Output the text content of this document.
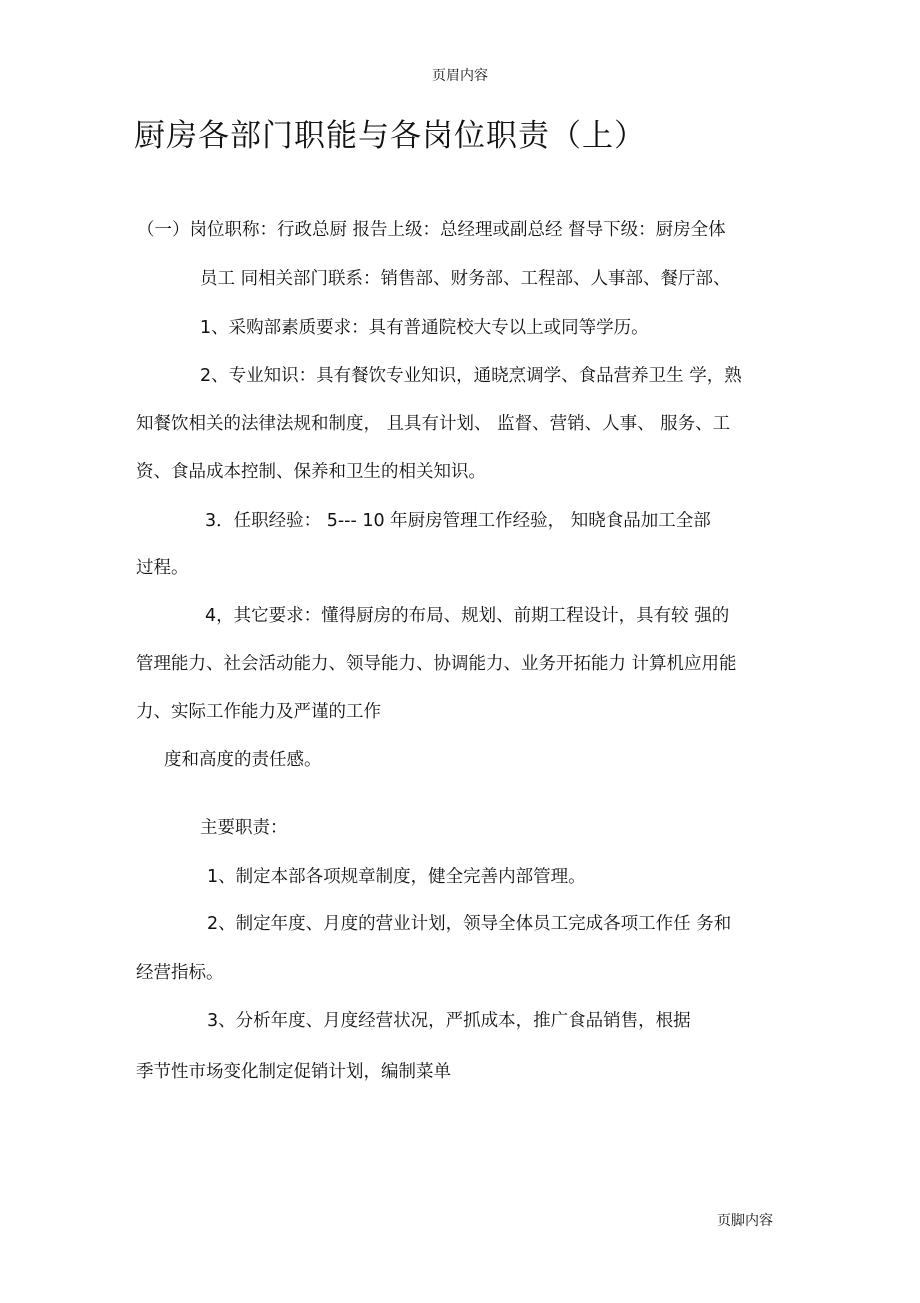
页眉内容
厨房各部门职能与各岗位职责（上）
（一）岗位职称：行政总厨 报告上级：总经理或副总经 督导下级：厨房全体
员工 同相关部门联系：销售部、财务部、工程部、人事部、餐厅部、
1、采购部素质要求：具有普通院校大专以上或同等学历。
2、专业知识：具有餐饮专业知识，通晓烹调学、食品营养卫生 学，熟
知餐饮相关的法律法规和制度， 且具有计划、 监督、营销、人事、 服务、工
资、食品成本控制、保养和卫生的相关知识。
3．任职经验： 5--- 10 年厨房管理工作经验， 知晓食品加工全部
过程。
4，其它要求：懂得厨房的布局、规划、前期工程设计，具有较 强的
管理能力、社会活动能力、领导能力、协调能力、业务开拓能力 计算机应用能
力、实际工作能力及严谨的工作
度和高度的责任感。
主要职责：
1、制定本部各项规章制度，健全完善内部管理。
2、制定年度、月度的营业计划，领导全体员工完成各项工作任 务和
经营指标。
3、分析年度、月度经营状况，严抓成本，推广食品销售，根据
季节性市场变化制定促销计划，编制菜单
页脚内容
